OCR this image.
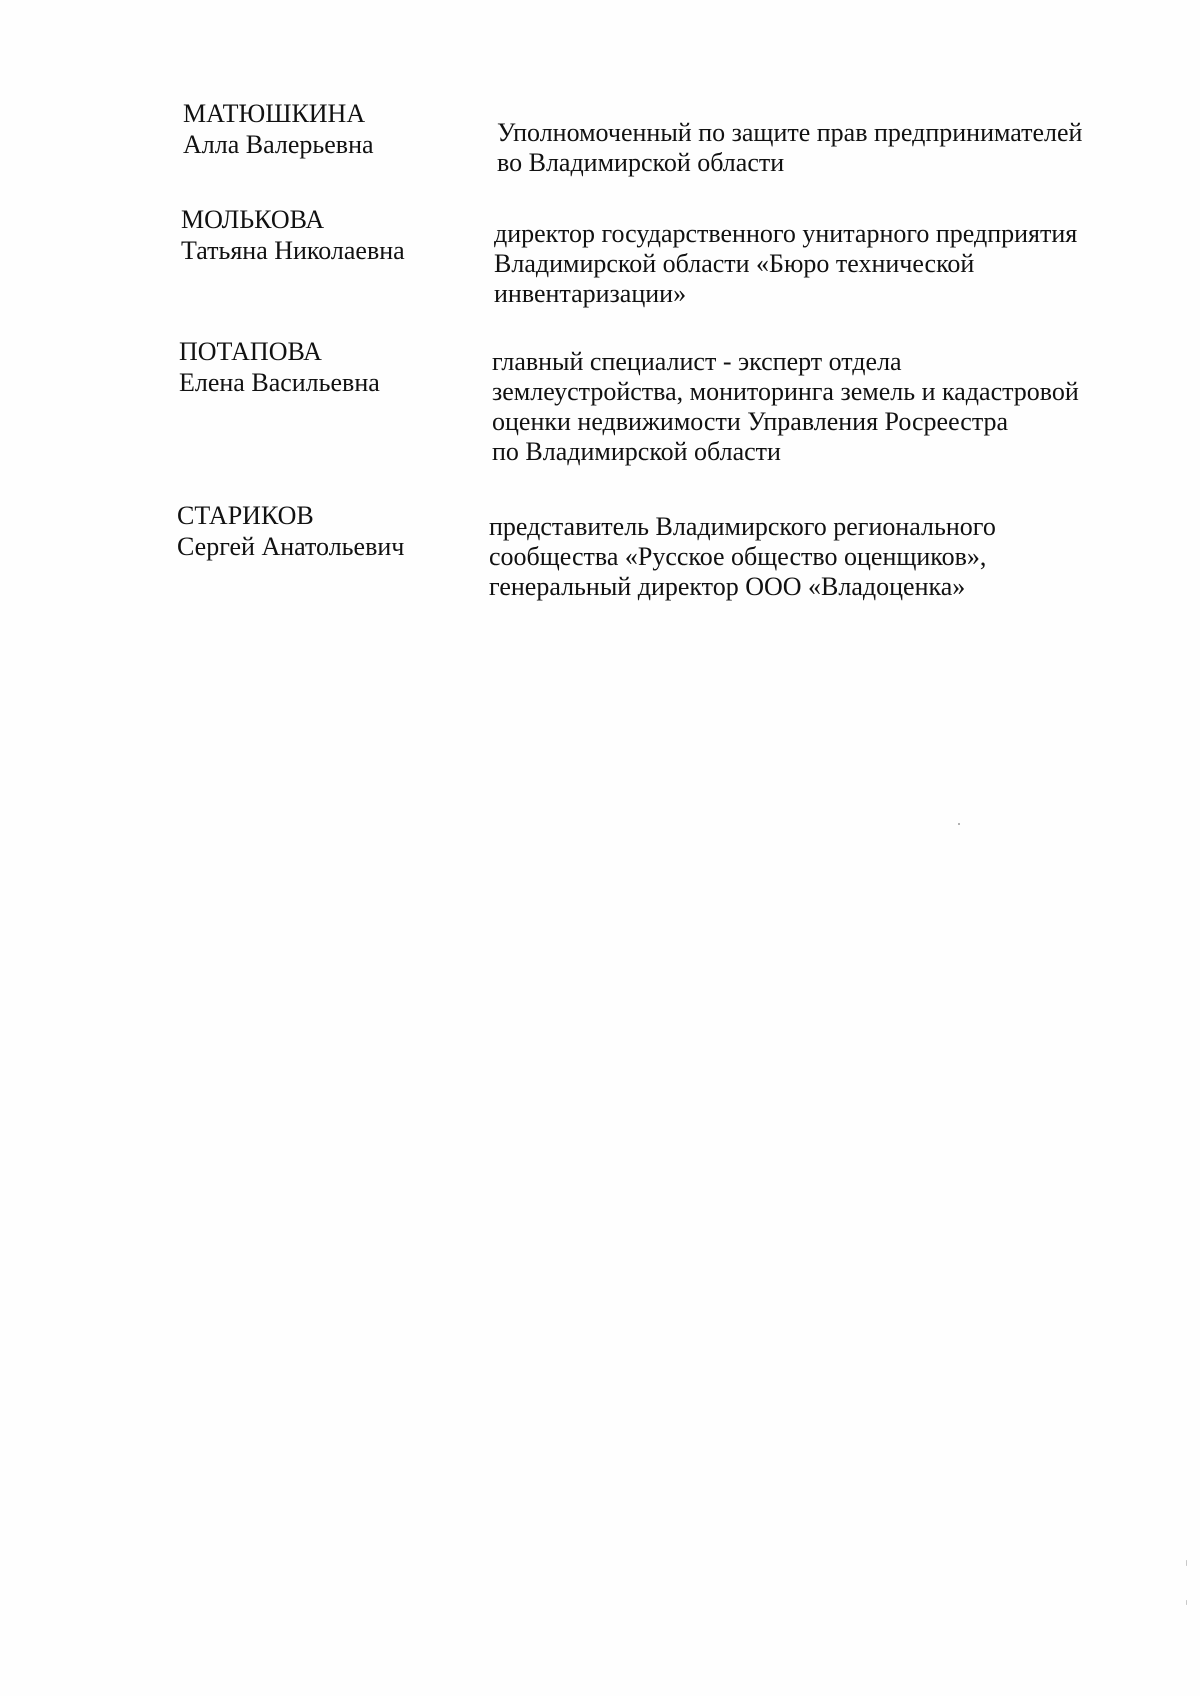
МАТЮШКИНА
Алла Валерьевна	Уполномоченный по защите прав предпринимателей
во Владимирской области
МОЛЬКОВА
Татьяна Николаевна
директор государственного унитарного предприятия
Владимирской области «Бюро технической
инвентаризации»
ПОТАПОВА
Елена Васильевна
главный специалист - эксперт отдела
землеустройства, мониторинга земель и кадастровой
оценки недвижимости Управления Росреестра
по Владимирской области
СТАРИКОВ
Сергей Анатольевич
представитель Владимирского регионального
сообщества «Русское общество оценщиков»,
генеральный директор ООО «Владоценка»
